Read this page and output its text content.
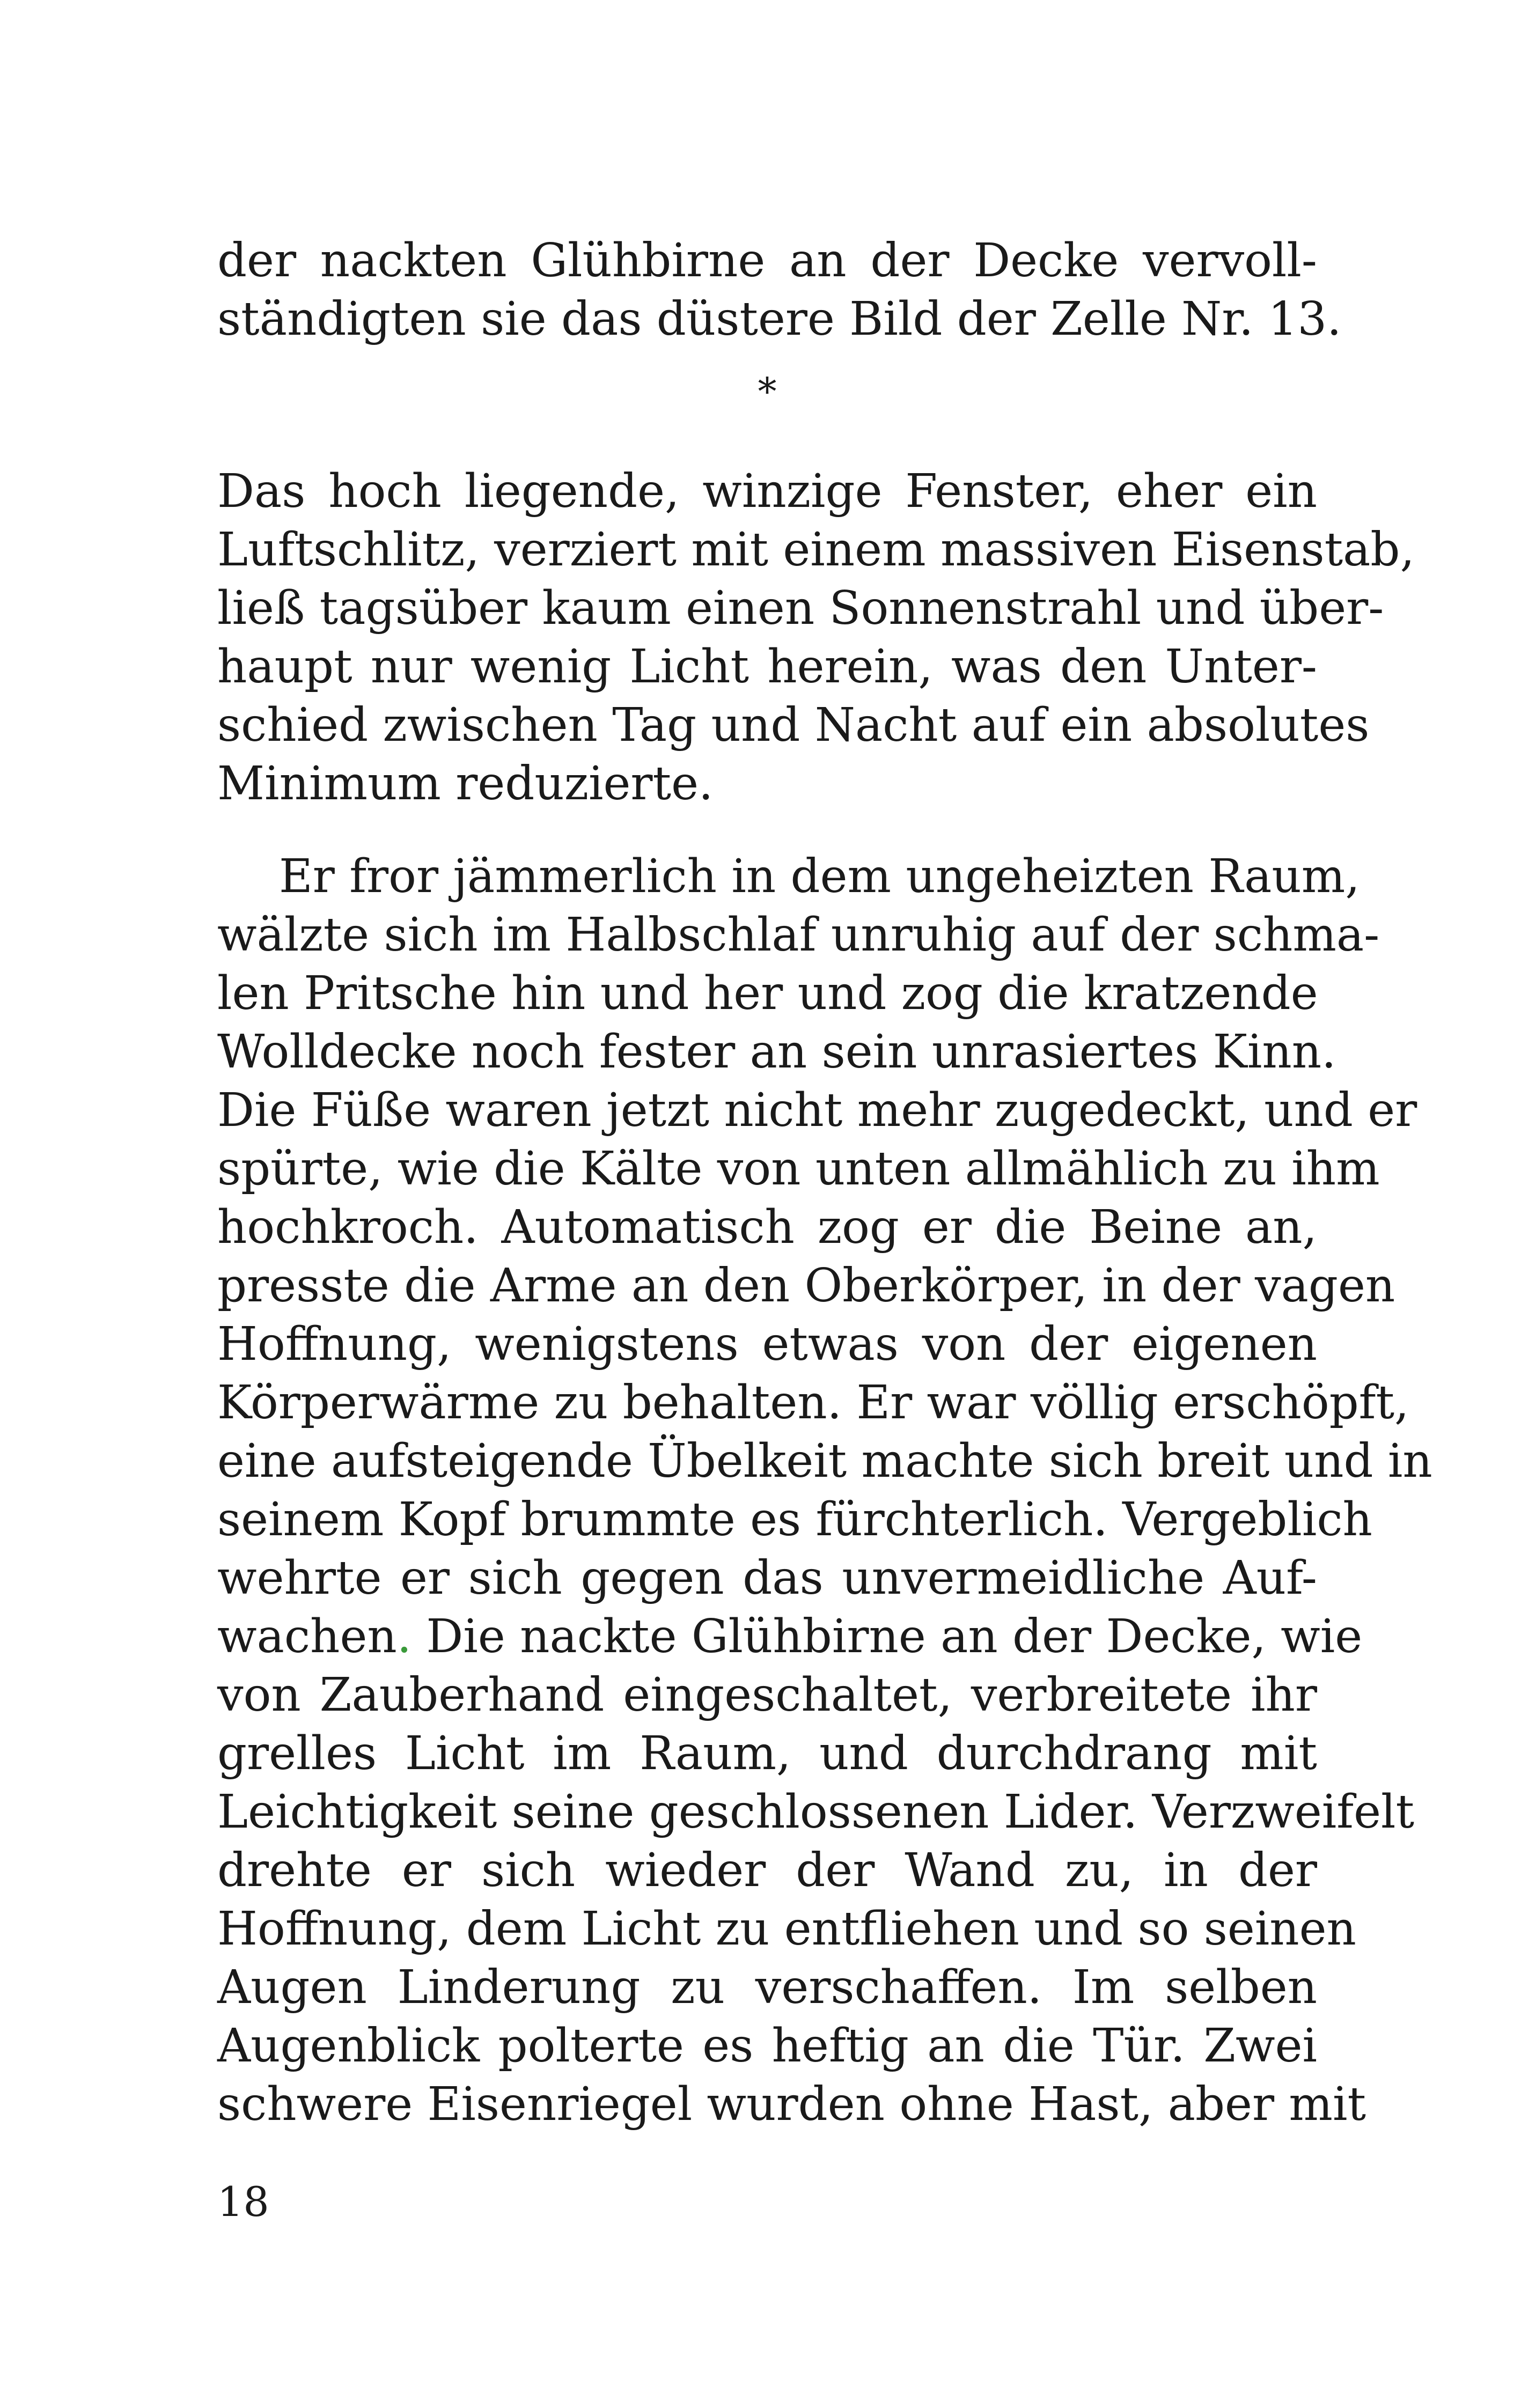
der nackten Glühbirne an der Decke vervoll-
ständigten sie das düstere Bild der Zelle Nr. 13.
*
Das hoch liegende, winzige Fenster, eher ein
Luftschlitz, verziert mit einem massiven Eisenstab,
ließ tagsüber kaum einen Sonnenstrahl und über-
haupt nur wenig Licht herein, was den Unter-
schied zwischen Tag und Nacht auf ein absolutes
Minimum reduzierte.
Er fror jämmerlich in dem ungeheizten Raum,
wälzte sich im Halbschlaf unruhig auf der schma-
len Pritsche hin und her und zog die kratzende
Wolldecke noch fester an sein unrasiertes Kinn.
Die Füße waren jetzt nicht mehr zugedeckt, und er
spürte, wie die Kälte von unten allmählich zu ihm
hochkroch. Automatisch zog er die Beine an,
presste die Arme an den Oberkörper, in der vagen
Hoffnung, wenigstens etwas von der eigenen
Körperwärme zu behalten. Er war völlig erschöpft,
eine aufsteigende Übelkeit machte sich breit und in
seinem Kopf brummte es fürchterlich. Vergeblich
wehrte er sich gegen das unvermeidliche Auf-
wachen. Die nackte Glühbirne an der Decke, wie
von Zauberhand eingeschaltet, verbreitete ihr
grelles Licht im Raum, und durchdrang mit
Leichtigkeit seine geschlossenen Lider. Verzweifelt
drehte er sich wieder der Wand zu, in der
Hoffnung, dem Licht zu entfliehen und so seinen
Augen Linderung zu verschaffen. Im selben
Augenblick polterte es heftig an die Tür. Zwei
schwere Eisenriegel wurden ohne Hast, aber mit
18
